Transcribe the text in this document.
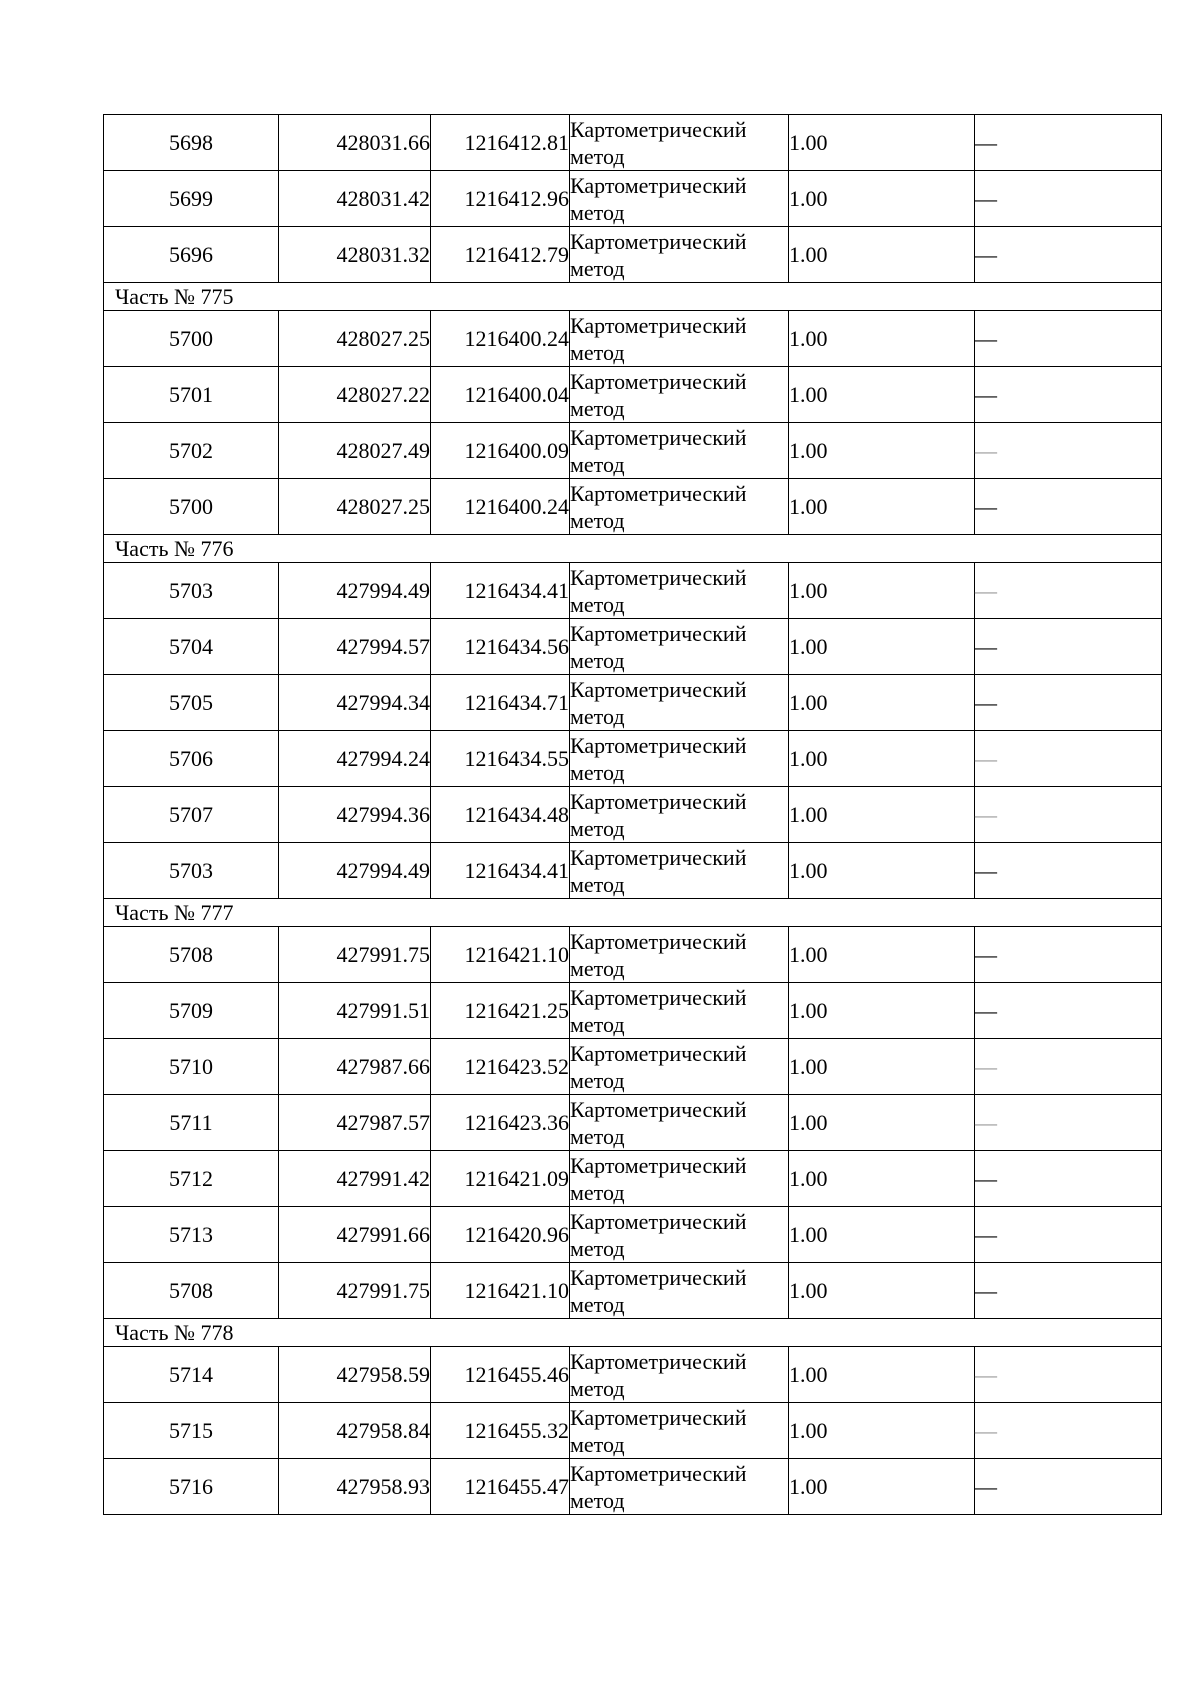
5698	428031.66	1216412.81	Картометрический метод	1.00	—
5699	428031.42	1216412.96	Картометрический метод	1.00	—
5696	428031.32	1216412.79	Картометрический метод	1.00	—
Часть № 775					
5700	428027.25	1216400.24	Картометрический метод	1.00	—
5701	428027.22	1216400.04	Картометрический метод	1.00	—
5702	428027.49	1216400.09	Картометрический метод	1.00	—
5700	428027.25	1216400.24	Картометрический метод	1.00	—
Часть № 776					
5703	427994.49	1216434.41	Картометрический метод	1.00	—
5704	427994.57	1216434.56	Картометрический метод	1.00	—
5705	427994.34	1216434.71	Картометрический метод	1.00	—
5706	427994.24	1216434.55	Картометрический метод	1.00	—
5707	427994.36	1216434.48	Картометрический метод	1.00	—
5703	427994.49	1216434.41	Картометрический метод	1.00	—
Часть № 777					
5708	427991.75	1216421.10	Картометрический метод	1.00	—
5709	427991.51	1216421.25	Картометрический метод	1.00	—
5710	427987.66	1216423.52	Картометрический метод	1.00	—
5711	427987.57	1216423.36	Картометрический метод	1.00	—
5712	427991.42	1216421.09	Картометрический метод	1.00	—
5713	427991.66	1216420.96	Картометрический метод	1.00	—
5708	427991.75	1216421.10	Картометрический метод	1.00	—
Часть № 778					
5714	427958.59	1216455.46	Картометрический метод	1.00	—
5715	427958.84	1216455.32	Картометрический метод	1.00	—
5716	427958.93	1216455.47	Картометрический метод	1.00	—
